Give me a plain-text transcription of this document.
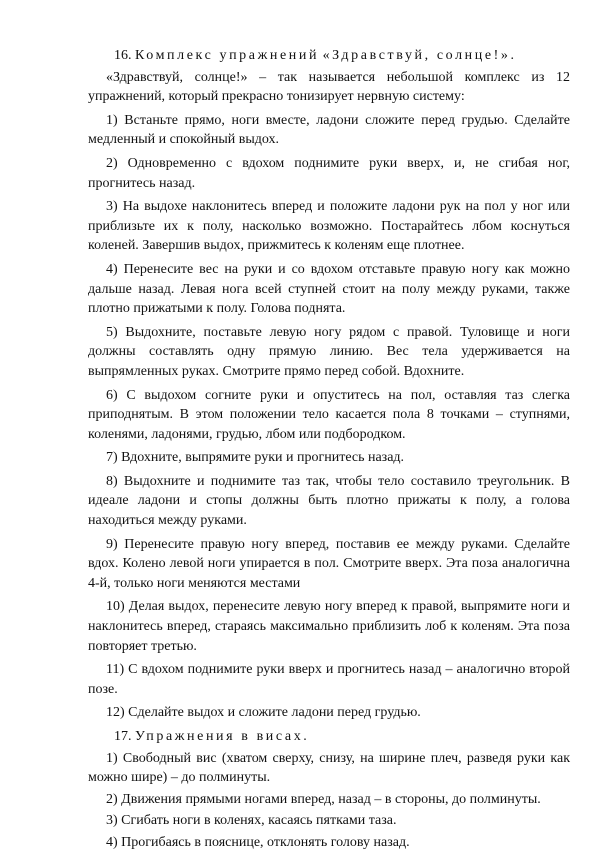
16. Комплекс упражнений «Здравствуй, солнце!».

«Здравствуй, солнце!» – так называется небольшой комплекс из 12 упражнений, который прекрасно тонизирует нервную систему:

1) Встаньте прямо, ноги вместе, ладони сложите перед грудью. Сделайте медленный и спокойный выдох.

2) Одновременно с вдохом поднимите руки вверх, и, не сгибая ног, прогнитесь назад.

3) На выдохе наклонитесь вперед и положите ладони рук на пол у ног или приблизьте их к полу, насколько возможно. Постарайтесь лбом коснуться коленей. Завершив выдох, прижмитесь к коленям еще плотнее.

4) Перенесите вес на руки и со вдохом отставьте правую ногу как можно дальше назад. Левая нога всей ступней стоит на полу между руками, также плотно прижатыми к полу. Голова поднята.

5) Выдохните, поставьте левую ногу рядом с правой. Туловище и ноги должны составлять одну прямую линию. Вес тела удерживается на выпрямленных руках. Смотрите прямо перед собой. Вдохните.

6) С выдохом согните руки и опуститесь на пол, оставляя таз слегка приподнятым. В этом положении тело касается пола 8 точками – ступнями, коленями, ладонями, грудью, лбом или подбородком.

7) Вдохните, выпрямите руки и прогнитесь назад.

8) Выдохните и поднимите таз так, чтобы тело составило треугольник. В идеале ладони и стопы должны быть плотно прижаты к полу, а голова находиться между руками.

9) Перенесите правую ногу вперед, поставив ее между руками. Сделайте вдох. Колено левой ноги упирается в пол. Смотрите вверх. Эта поза аналогична 4-й, только ноги меняются местами

10) Делая выдох, перенесите левую ногу вперед к правой, выпрямите ноги и наклонитесь вперед, стараясь максимально приблизить лоб к коленям. Эта поза повторяет третью.

11) С вдохом поднимите руки вверх и прогнитесь назад – аналогично второй позе.

12) Сделайте выдох и сложите ладони перед грудью.

17. Упражнения в висах.

1) Свободный вис (хватом сверху, снизу, на ширине плеч, разведя руки как можно шире) – до полминуты.

2) Движения прямыми ногами вперед, назад – в стороны, до полминуты.

3) Сгибать ноги в коленях, касаясь пятками таза.

4) Прогибаясь в пояснице, отклонять голову назад.
